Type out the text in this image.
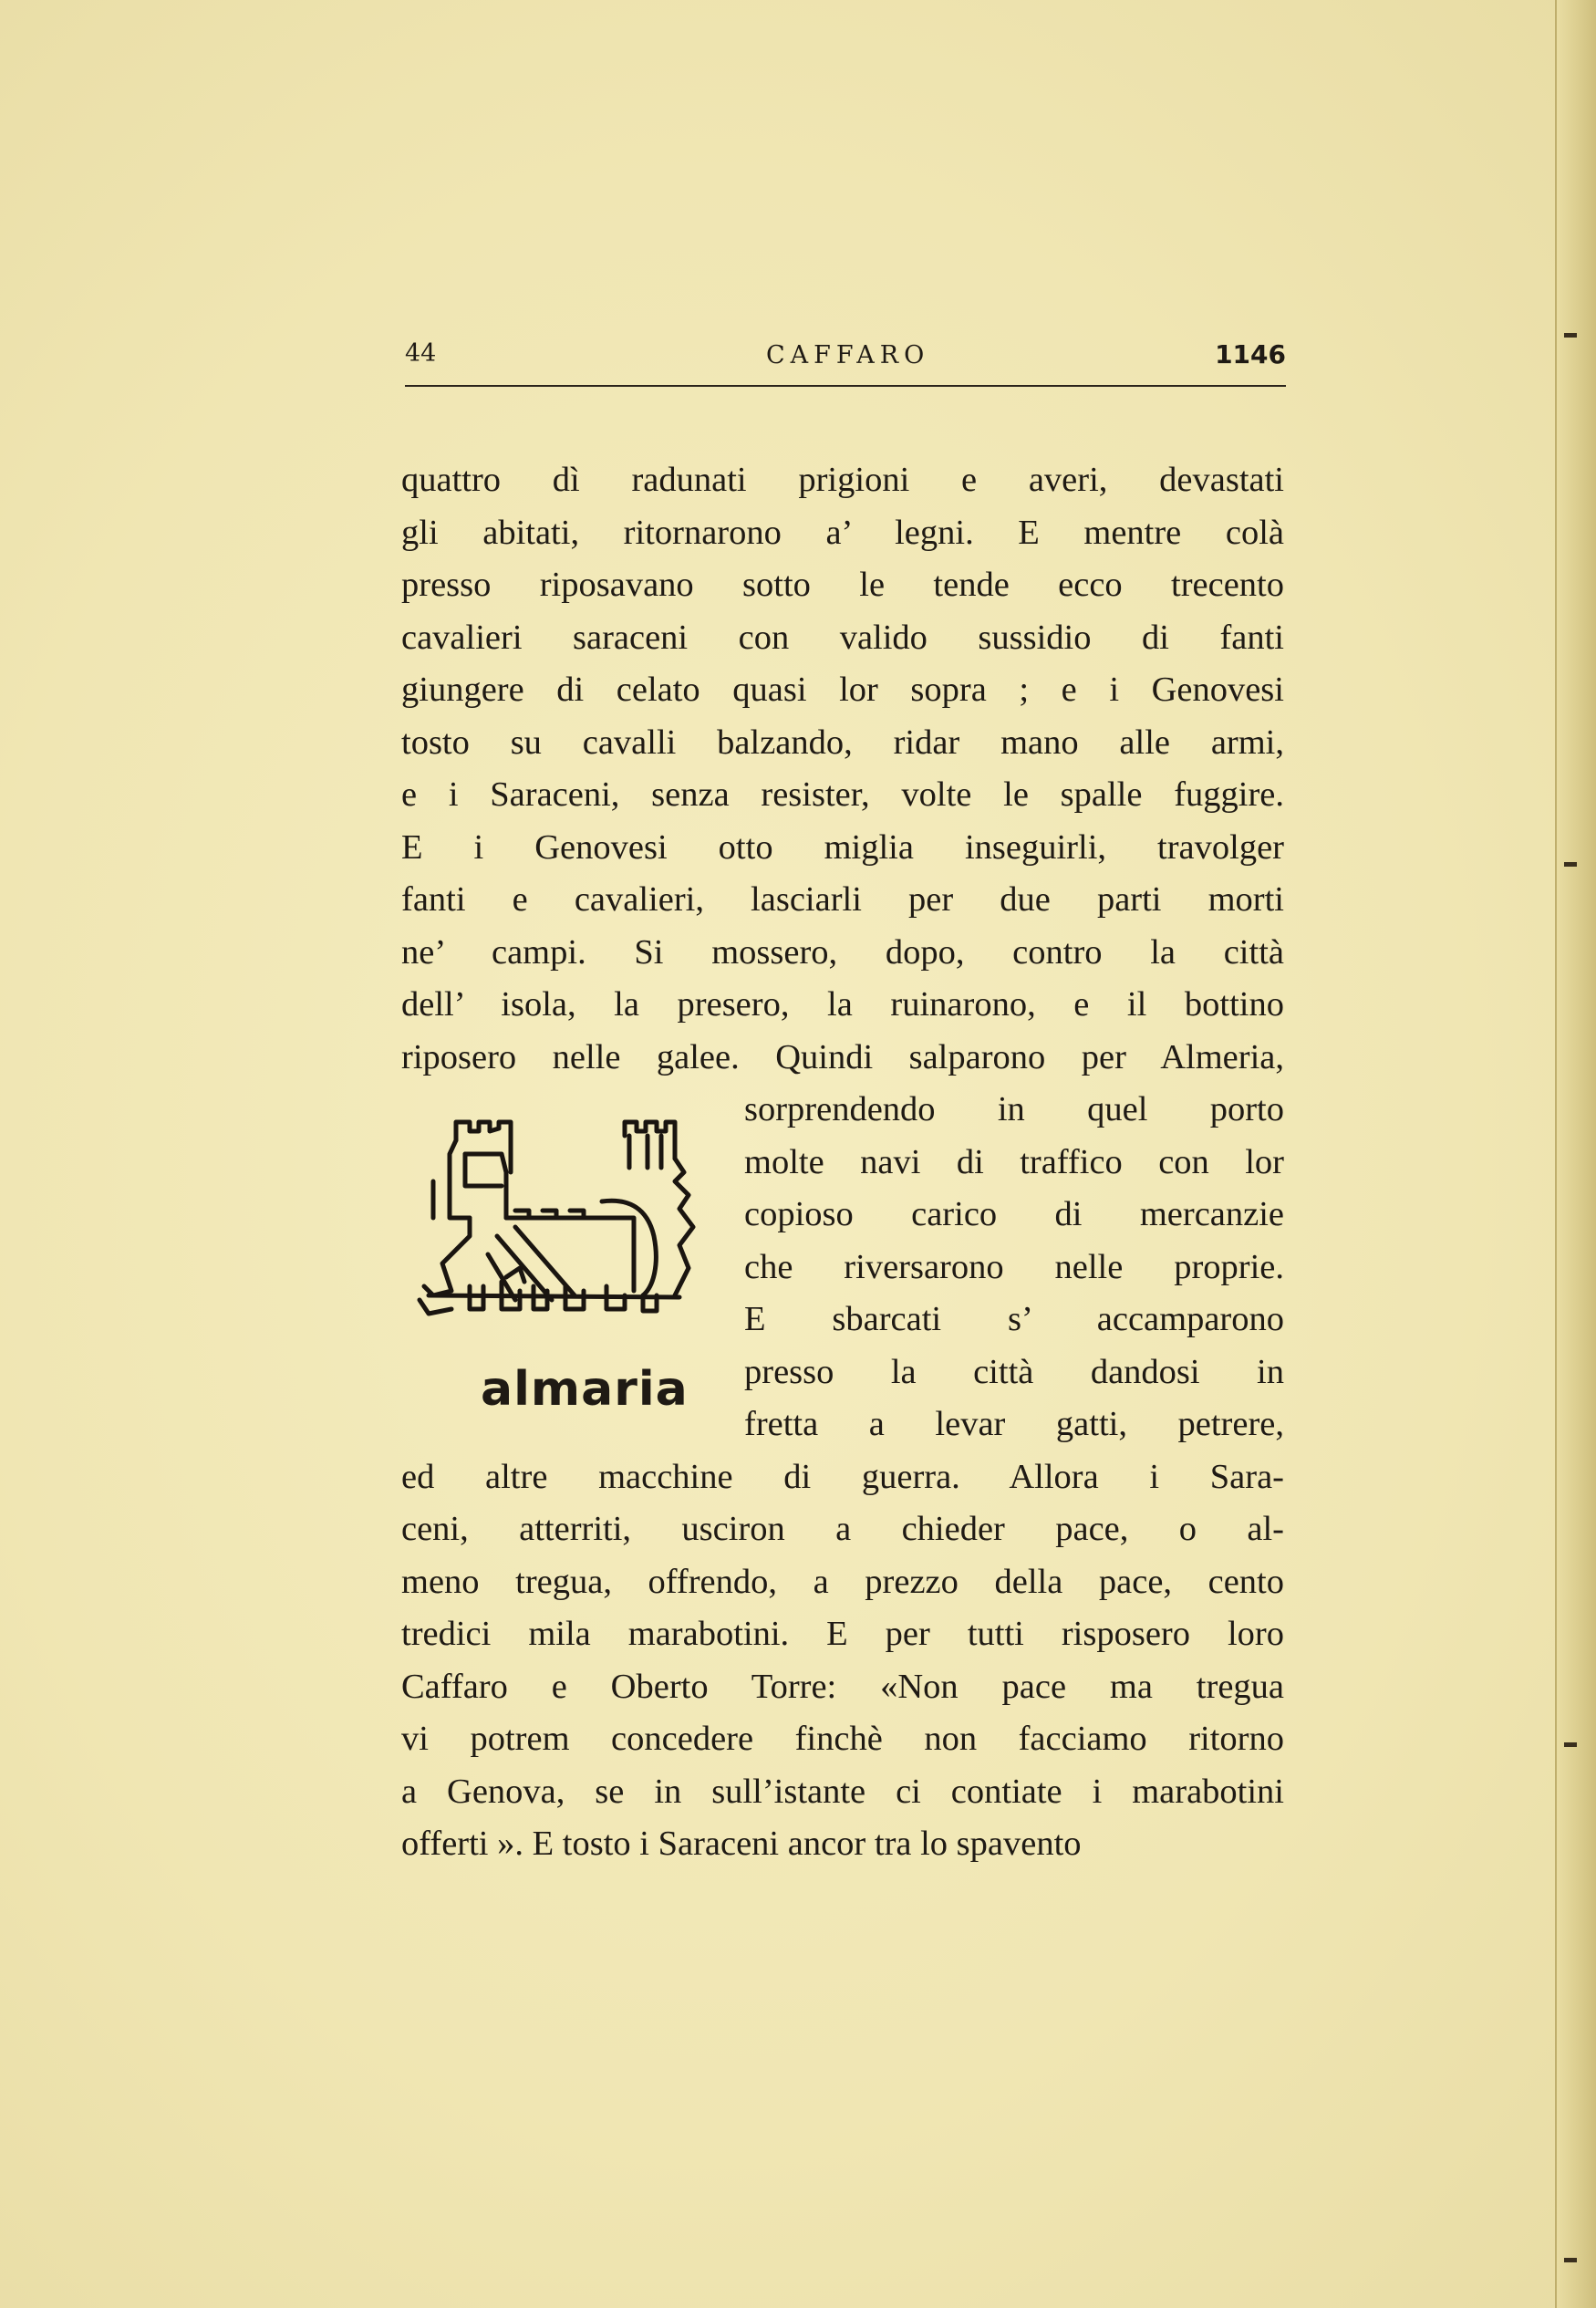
44	CAFFARO	1146
quattro dì radunati prigioni e averi, devastati
gli abitati, ritornarono a’ legni. E mentre colà
presso riposavano sotto le tende ecco trecento
cavalieri saraceni con valido sussidio di fanti
giungere di celato quasi lor sopra ; e i Genovesi
tosto su cavalli balzando, ridar mano alle armi,
e i Saraceni, senza resister, volte le spalle fuggire.
E i Genovesi otto miglia inseguirli, travolger
fanti e cavalieri, lasciarli per due parti morti
ne’ campi. Si mossero, dopo, contro la città
dell’ isola, la presero, la ruinarono, e il bottino
riposero nelle galee. Quindi salparono per Almeria,
sorprendendo in quel porto
molte navi di traffico con lor
copioso carico di mercanzie
che riversarono nelle proprie.
E sbarcati s’ accamparono
presso la città dandosi in
fretta a levar gatti, petrere,
ed altre macchine di guerra. Allora i Sara-
ceni, atterriti, usciron a chieder pace, o al-
meno tregua, offrendo, a prezzo della pace, cento
tredici mila marabotini. E per tutti risposero loro
Caffaro e Oberto Torre: «Non pace ma tregua
vi potrem concedere finchè non facciamo ritorno
a Genova, se in sull’istante ci contiate i marabotini
offerti ». E tosto i Saraceni ancor tra lo spavento
almaria
